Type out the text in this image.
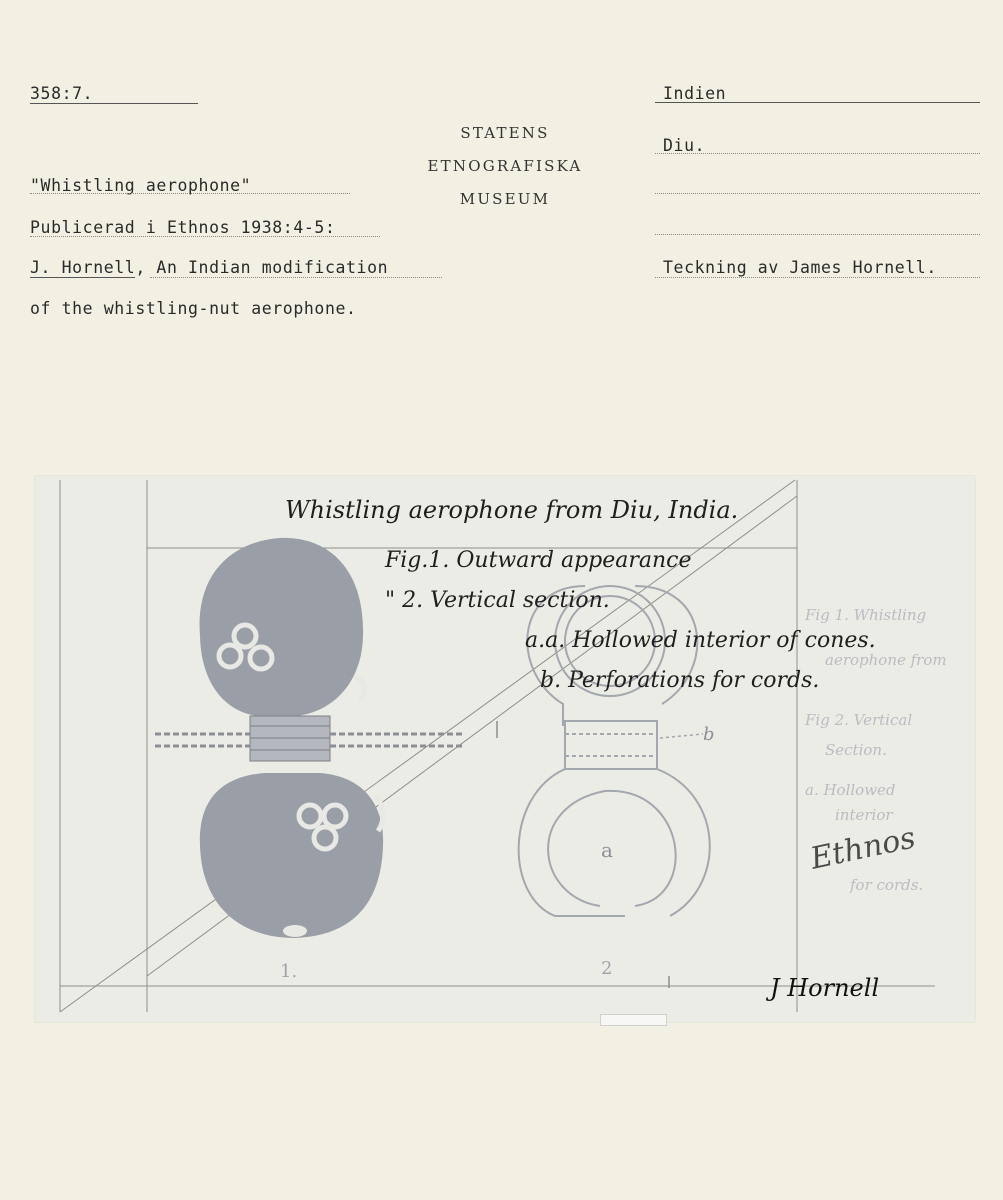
358:7.
"Whistling aerophone"
Publicerad i Ethnos 1938:4-5:
J. Hornell, An Indian modification
of the whistling-nut aerophone.
STATENS
ETNOGRAFISKA
MUSEUM
Indien
Diu.
Teckning av James Hornell.
Whistling aerophone from Diu, India.
Fig.1. Outward appearance
" 2. Vertical section.
a.a. Hollowed interior of cones.
b. Perforations for cords.
a
b
1.	2
Fig 1. Whistling
aerophone from
Fig 2. Vertical
Section.
a. Hollowed
interior
for cords.
Ethnos
J Hornell
